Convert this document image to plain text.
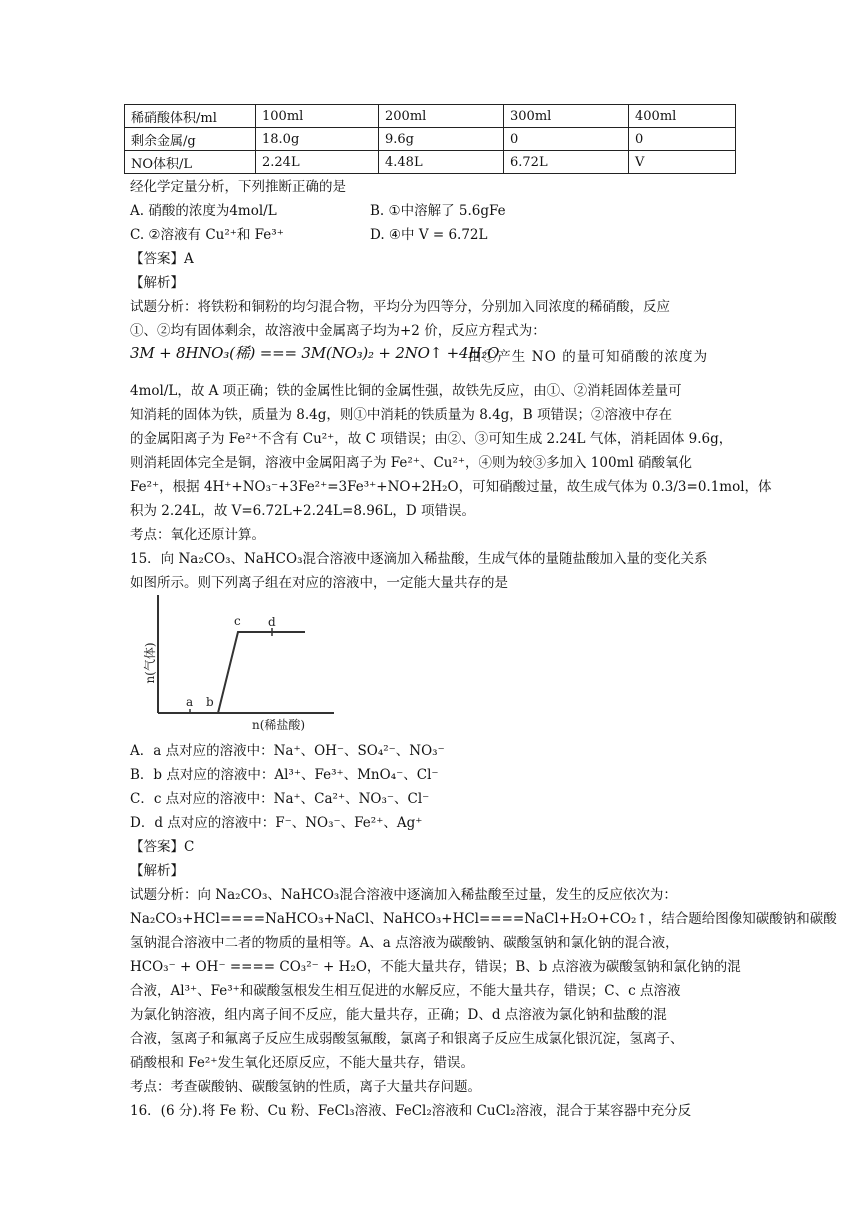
稀硝酸体积/ml	100ml	200ml	300ml	400ml
剩余金属/g	18.0g	9.6g	0	0
NO体积/L	2.24L	4.48L	6.72L	V
经化学定量分析，下列推断正确的是
A. 硝酸的浓度为4mol/L	B. ①中溶解了 5.6gFe
C. ②溶液有 Cu²⁺和 Fe³⁺	D. ④中 V = 6.72L
【答案】A
【解析】
试题分析：将铁粉和铜粉的均匀混合物，平均分为四等分，分别加入同浓度的稀硝酸，反应
①、②均有固体剩余，故溶液中金属离子均为+2 价，反应方程式为：
3M + 8HNO₃(稀) === 3M(NO₃)₂ + 2NO↑ +4H₂O
由①产生 NO 的量可知硝酸的浓度为
4mol/L，故 A 项正确；铁的金属性比铜的金属性强，故铁先反应，由①、②消耗固体差量可
知消耗的固体为铁，质量为 8.4g，则①中消耗的铁质量为 8.4g，B 项错误；②溶液中存在
的金属阳离子为 Fe²⁺不含有 Cu²⁺，故 C 项错误；由②、③可知生成 2.24L 气体，消耗固体 9.6g，
则消耗固体完全是铜，溶液中金属阳离子为 Fe²⁺、Cu²⁺，④则为较③多加入 100ml 硝酸氧化
Fe²⁺，根据 4H⁺+NO₃⁻+3Fe²⁺=3Fe³⁺+NO+2H₂O，可知硝酸过量，故生成气体为 0.3/3=0.1mol，体
积为 2.24L，故 V=6.72L+2.24L=8.96L，D 项错误。
考点：氧化还原计算。
15．向 Na₂CO₃、NaHCO₃混合溶液中逐滴加入稀盐酸，生成气体的量随盐酸加入量的变化关系
如图所示。则下列离子组在对应的溶液中，一定能大量共存的是
a b
c d
n(气体)
n(稀盐酸)
A．a 点对应的溶液中：Na⁺、OH⁻、SO₄²⁻、NO₃⁻
B．b 点对应的溶液中：Al³⁺、Fe³⁺、MnO₄⁻、Cl⁻
C．c 点对应的溶液中：Na⁺、Ca²⁺、NO₃⁻、Cl⁻
D．d 点对应的溶液中：F⁻、NO₃⁻、Fe²⁺、Ag⁺
【答案】C
【解析】
试题分析：向 Na₂CO₃、NaHCO₃混合溶液中逐滴加入稀盐酸至过量，发生的反应依次为：
Na₂CO₃+HCl====NaHCO₃+NaCl、NaHCO₃+HCl====NaCl+H₂O+CO₂↑，结合题给图像知碳酸钠和碳酸
氢钠混合溶液中二者的物质的量相等。A、a 点溶液为碳酸钠、碳酸氢钠和氯化钠的混合液，
HCO₃⁻ + OH⁻ ==== CO₃²⁻ + H₂O，不能大量共存，错误；B、b 点溶液为碳酸氢钠和氯化钠的混
合液，Al³⁺、Fe³⁺和碳酸氢根发生相互促进的水解反应，不能大量共存，错误；C、c 点溶液
为氯化钠溶液，组内离子间不反应，能大量共存，正确；D、d 点溶液为氯化钠和盐酸的混
合液，氢离子和氟离子反应生成弱酸氢氟酸，氯离子和银离子反应生成氯化银沉淀，氢离子、
硝酸根和 Fe²⁺发生氧化还原反应，不能大量共存，错误。
考点：考查碳酸钠、碳酸氢钠的性质，离子大量共存问题。
16．(6 分).将 Fe 粉、Cu 粉、FeCl₃溶液、FeCl₂溶液和 CuCl₂溶液，混合于某容器中充分反
